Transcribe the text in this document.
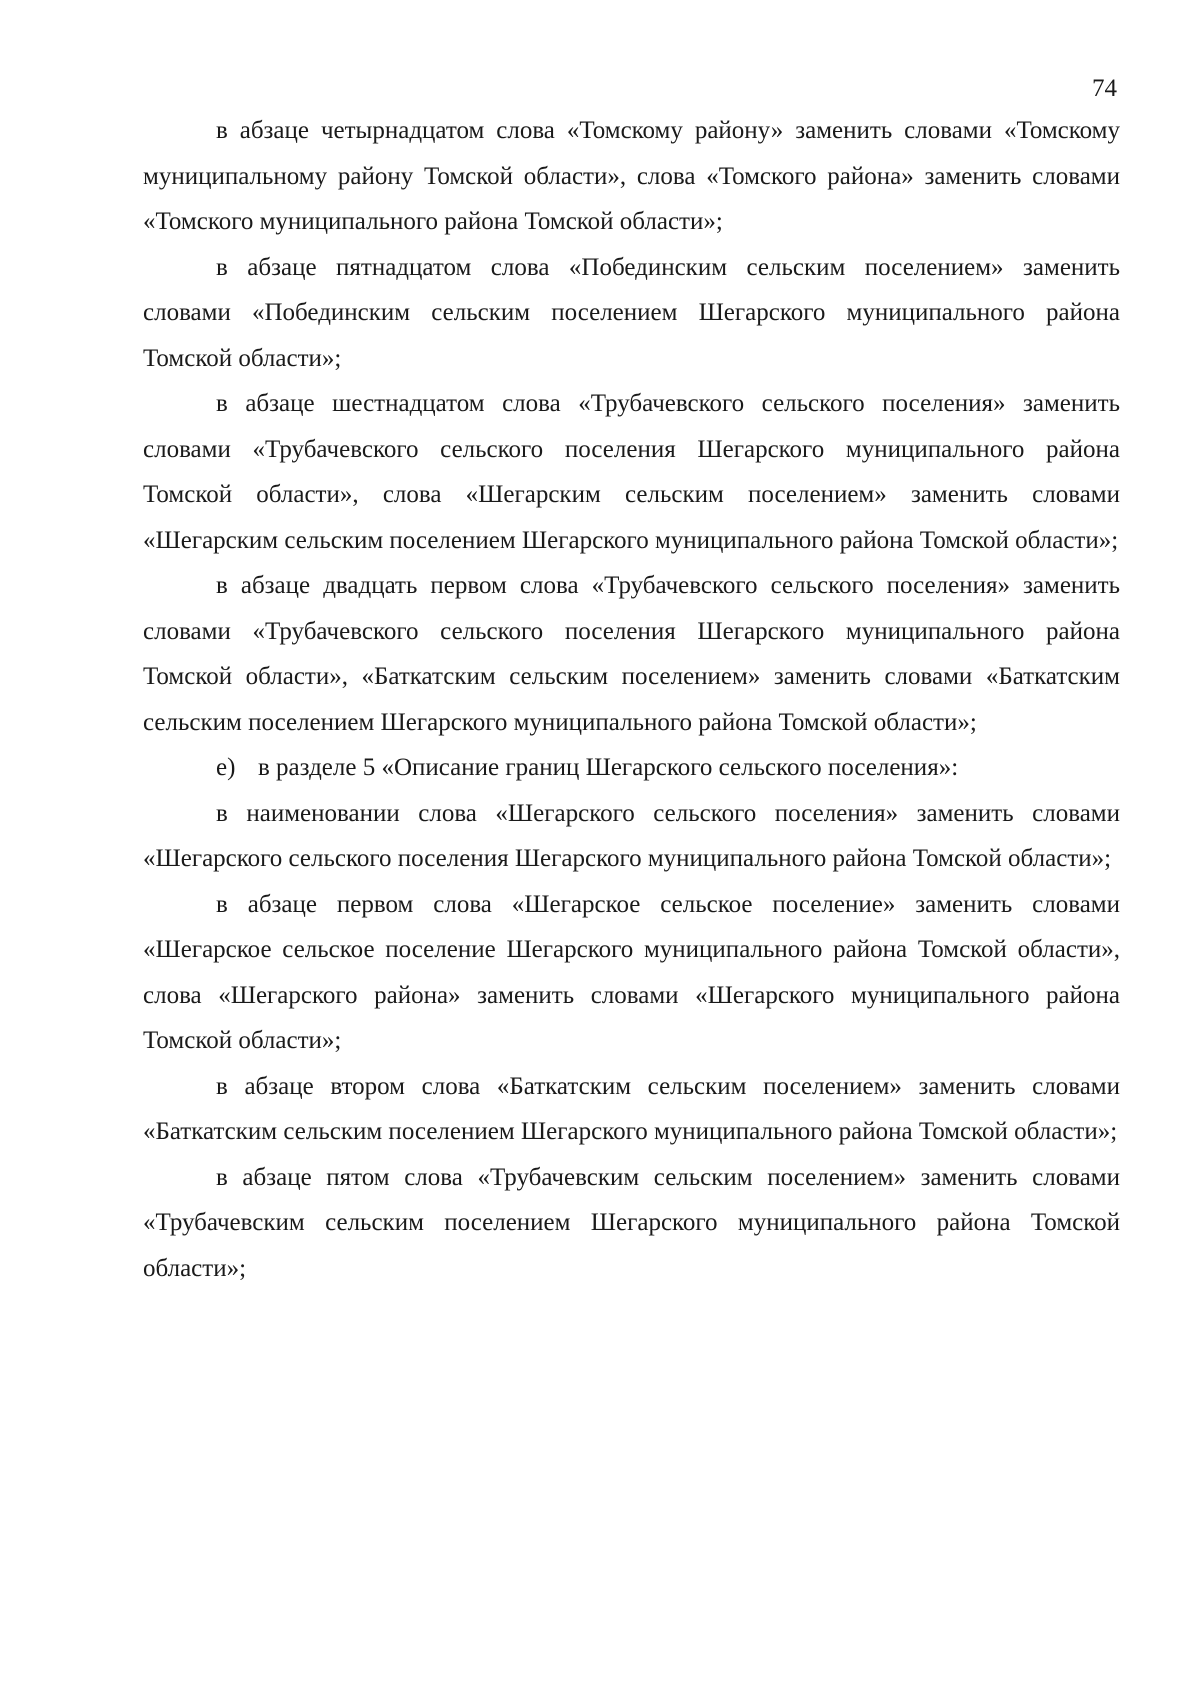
74

в абзаце четырнадцатом слова «Томскому району» заменить словами «Томскому муниципальному району Томской области», слова «Томского района» заменить словами «Томского муниципального района Томской области»;

в абзаце пятнадцатом слова «Побединским сельским поселением» заменить словами «Побединским сельским поселением Шегарского муниципального района Томской области»;

в абзаце шестнадцатом слова «Трубачевского сельского поселения» заменить словами «Трубачевского сельского поселения Шегарского муниципального района Томской области», слова «Шегарским сельским поселением» заменить словами «Шегарским сельским поселением Шегарского муниципального района Томской области»;

в абзаце двадцать первом слова «Трубачевского сельского поселения» заменить словами «Трубачевского сельского поселения Шегарского муниципального района Томской области», «Баткатским сельским поселением» заменить словами «Баткатским сельским поселением Шегарского муниципального района Томской области»;

е) в разделе 5 «Описание границ Шегарского сельского поселения»:

в наименовании слова «Шегарского сельского поселения» заменить словами «Шегарского сельского поселения Шегарского муниципального района Томской области»;

в абзаце первом слова «Шегарское сельское поселение» заменить словами «Шегарское сельское поселение Шегарского муниципального района Томской области», слова «Шегарского района» заменить словами «Шегарского муниципального района Томской области»;

в абзаце втором слова «Баткатским сельским поселением» заменить словами «Баткатским сельским поселением Шегарского муниципального района Томской области»;

в абзаце пятом слова «Трубачевским сельским поселением» заменить словами «Трубачевским сельским поселением Шегарского муниципального района Томской области»;
